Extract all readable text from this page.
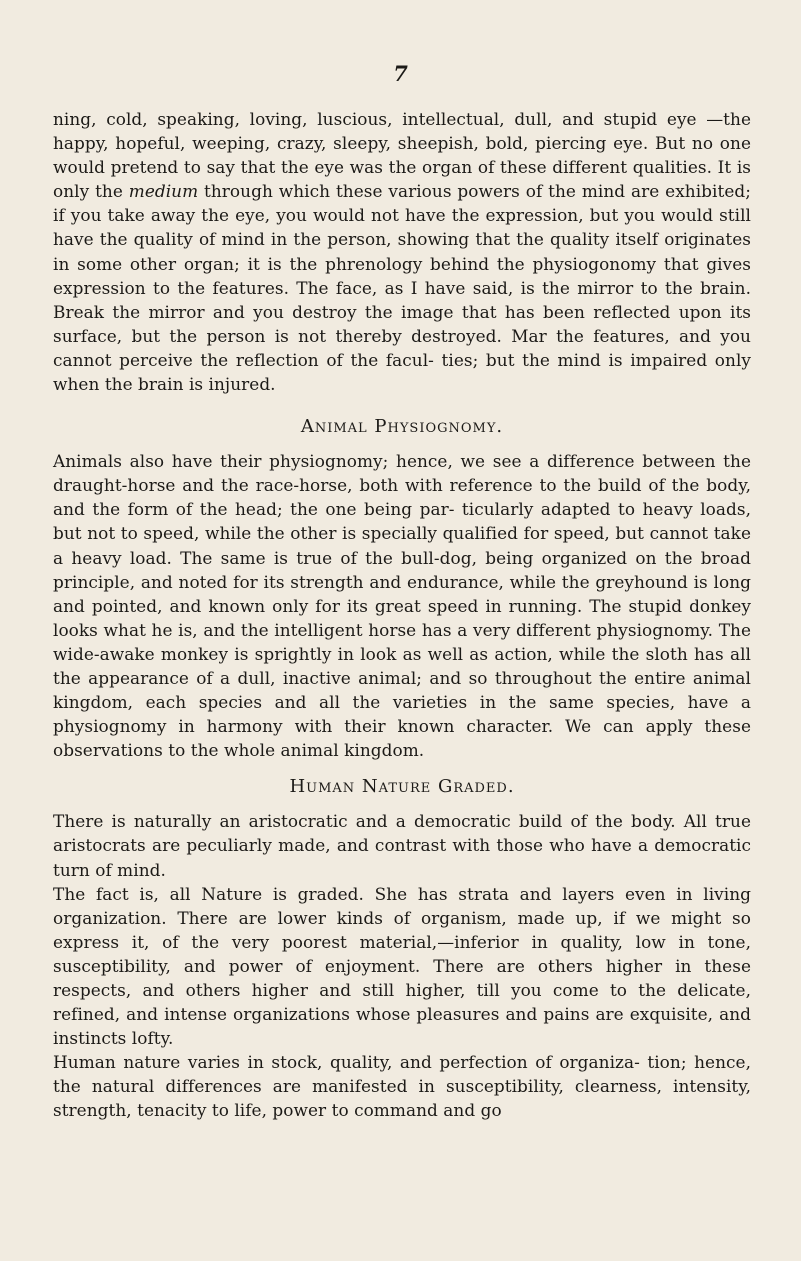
7

ning, cold, speaking, loving, luscious, intellectual, dull, and stupid eye —the happy, hopeful, weeping, crazy, sleepy, sheepish, bold, piercing eye. But no one would pretend to say that the eye was the organ of these different qualities. It is only the medium through which these various powers of the mind are exhibited; if you take away the eye, you would not have the expression, but you would still have the quality of mind in the person, showing that the quality itself originates in some other organ; it is the phrenology behind the physiogonomy that gives expression to the features. The face, as I have said, is the mirror to the brain. Break the mirror and you destroy the image that has been reflected upon its surface, but the person is not thereby destroyed. Mar the features, and you cannot perceive the reflection of the facul- ties; but the mind is impaired only when the brain is injured.

Animal Physiognomy.

Animals also have their physiognomy; hence, we see a difference between the draught-horse and the race-horse, both with reference to the build of the body, and the form of the head; the one being par- ticularly adapted to heavy loads, but not to speed, while the other is specially qualified for speed, but cannot take a heavy load. The same is true of the bull-dog, being organized on the broad principle, and noted for its strength and endurance, while the greyhound is long and pointed, and known only for its great speed in running. The stupid donkey looks what he is, and the intelligent horse has a very different physiognomy. The wide-awake monkey is sprightly in look as well as action, while the sloth has all the appearance of a dull, inactive animal; and so throughout the entire animal kingdom, each species and all the varieties in the same species, have a physiognomy in harmony with their known character. We can apply these observations to the whole animal kingdom.

Human Nature Graded.

There is naturally an aristocratic and a democratic build of the body. All true aristocrats are peculiarly made, and contrast with those who have a democratic turn of mind.

The fact is, all Nature is graded. She has strata and layers even in living organization. There are lower kinds of organism, made up, if we might so express it, of the very poorest material,—inferior in quality, low in tone, susceptibility, and power of enjoyment. There are others higher in these respects, and others higher and still higher, till you come to the delicate, refined, and intense organizations whose pleasures and pains are exquisite, and instincts lofty.

Human nature varies in stock, quality, and perfection of organiza- tion; hence, the natural differences are manifested in susceptibility, clearness, intensity, strength, tenacity to life, power to command and go
